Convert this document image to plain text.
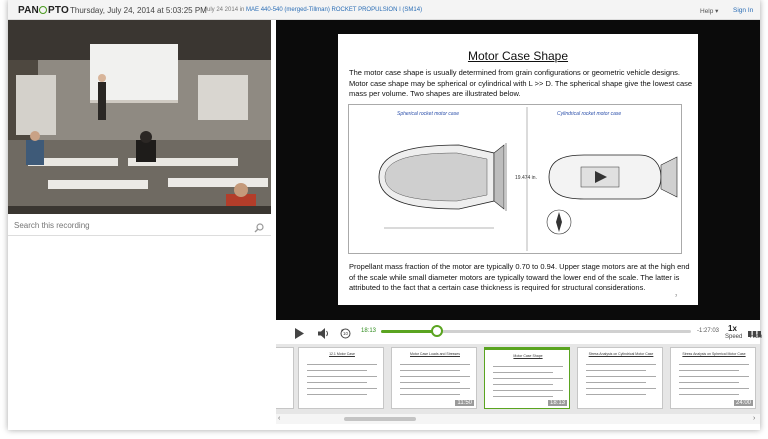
PAN PTO Thursday, July 24, 2014 at 5:03:25 PM
July 24 2014 in MAE 440-540 (merged-Tillman) ROCKET PROPULSION I (SM14)	Help ▾ Sign In
Search this recording
Motor Case Shape
The motor case shape is usually determined from grain configurations or geometric vehicle designs. Motor case shape may be spherical or cylindrical with L >> D. The spherical shape give the lowest case mass per volume. Two shapes are illustrated below.
Spherical rocket motor case	Cylindrical rocket motor case
19.474 in.
Propellant mass fraction of the motor are typically 0.70 to 0.94. Upper stage motors are at the high end of the scale while small diameter motors are typically toward the lower end of the scale. The latter is attributed to the fact that a certain case thickness is required for structural considerations.
7
10 18:13	-1:27:03 1x
Speed Hide
12.1 Motor Case	Motor Case Loads and Stresses
11:50
Motor Case Shape
18:13
Stress Analysis on Cylindrical Motor Case	Stress Analysis on Spherical Motor Case
24:00
‹	›
